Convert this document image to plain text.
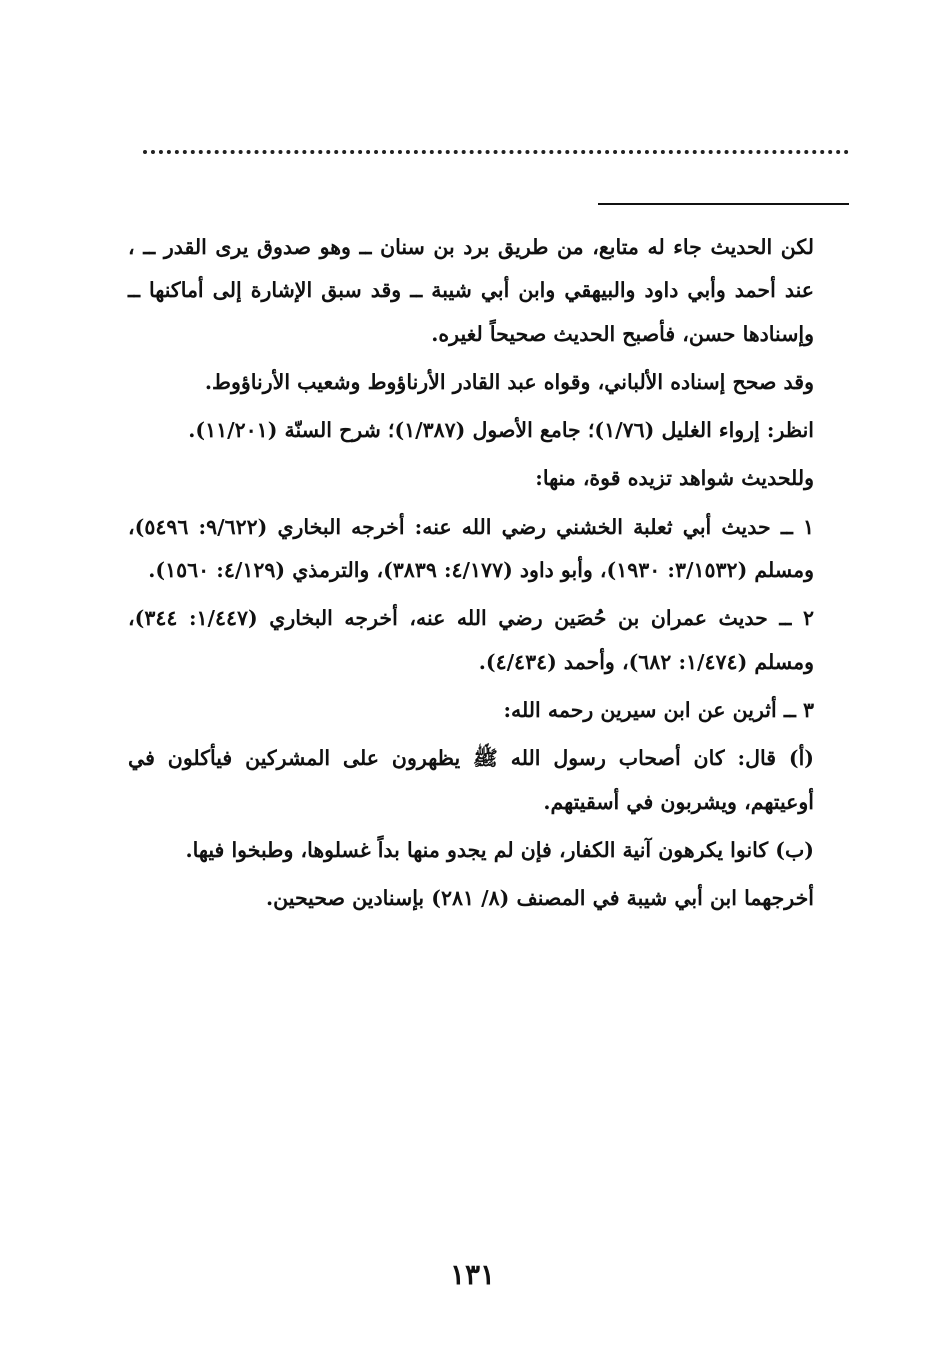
لكن الحديث جاء له متابع، من طريق برد بن سنان ــ وهو صدوق يرى القدر ــ ، عند أحمد وأبي داود والبيهقي وابن أبي شيبة ــ وقد سبق الإشارة إلى أماكنها ــ وإسنادها حسن، فأصبح الحديث صحيحاً لغيره.

وقد صحح إسناده الألباني، وقواه عبد القادر الأرناؤوط وشعيب الأرناؤوط.

انظر: إرواء الغليل (١/٧٦)؛ جامع الأصول (١/٣٨٧)؛ شرح السنّة (١١/٢٠١).

وللحديث شواهد تزيده قوة، منها:

١ ــ حديث أبي ثعلبة الخشني رضي الله عنه: أخرجه البخاري (٩/٦٢٢: ٥٤٩٦)، ومسلم (٣/١٥٣٢: ١٩٣٠)، وأبو داود (٤/١٧٧: ٣٨٣٩)، والترمذي (٤/١٢٩: ١٥٦٠).

٢ ــ حديث عمران بن حُصَين رضي الله عنه، أخرجه البخاري (١/٤٤٧: ٣٤٤)، ومسلم (١/٤٧٤: ٦٨٢)، وأحمد (٤/٤٣٤).

٣ ــ أثرين عن ابن سيرين رحمه الله:

(أ) قال: كان أصحاب رسول الله ﷺ يظهرون على المشركين فيأكلون في أوعيتهم، ويشربون في أسقيتهم.

(ب) كانوا يكرهون آنية الكفار، فإن لم يجدو منها بداً غسلوها، وطبخوا فيها.

أخرجهما ابن أبي شيبة في المصنف (٨/ ٢٨١) بإسنادين صحيحين.

١٣١
